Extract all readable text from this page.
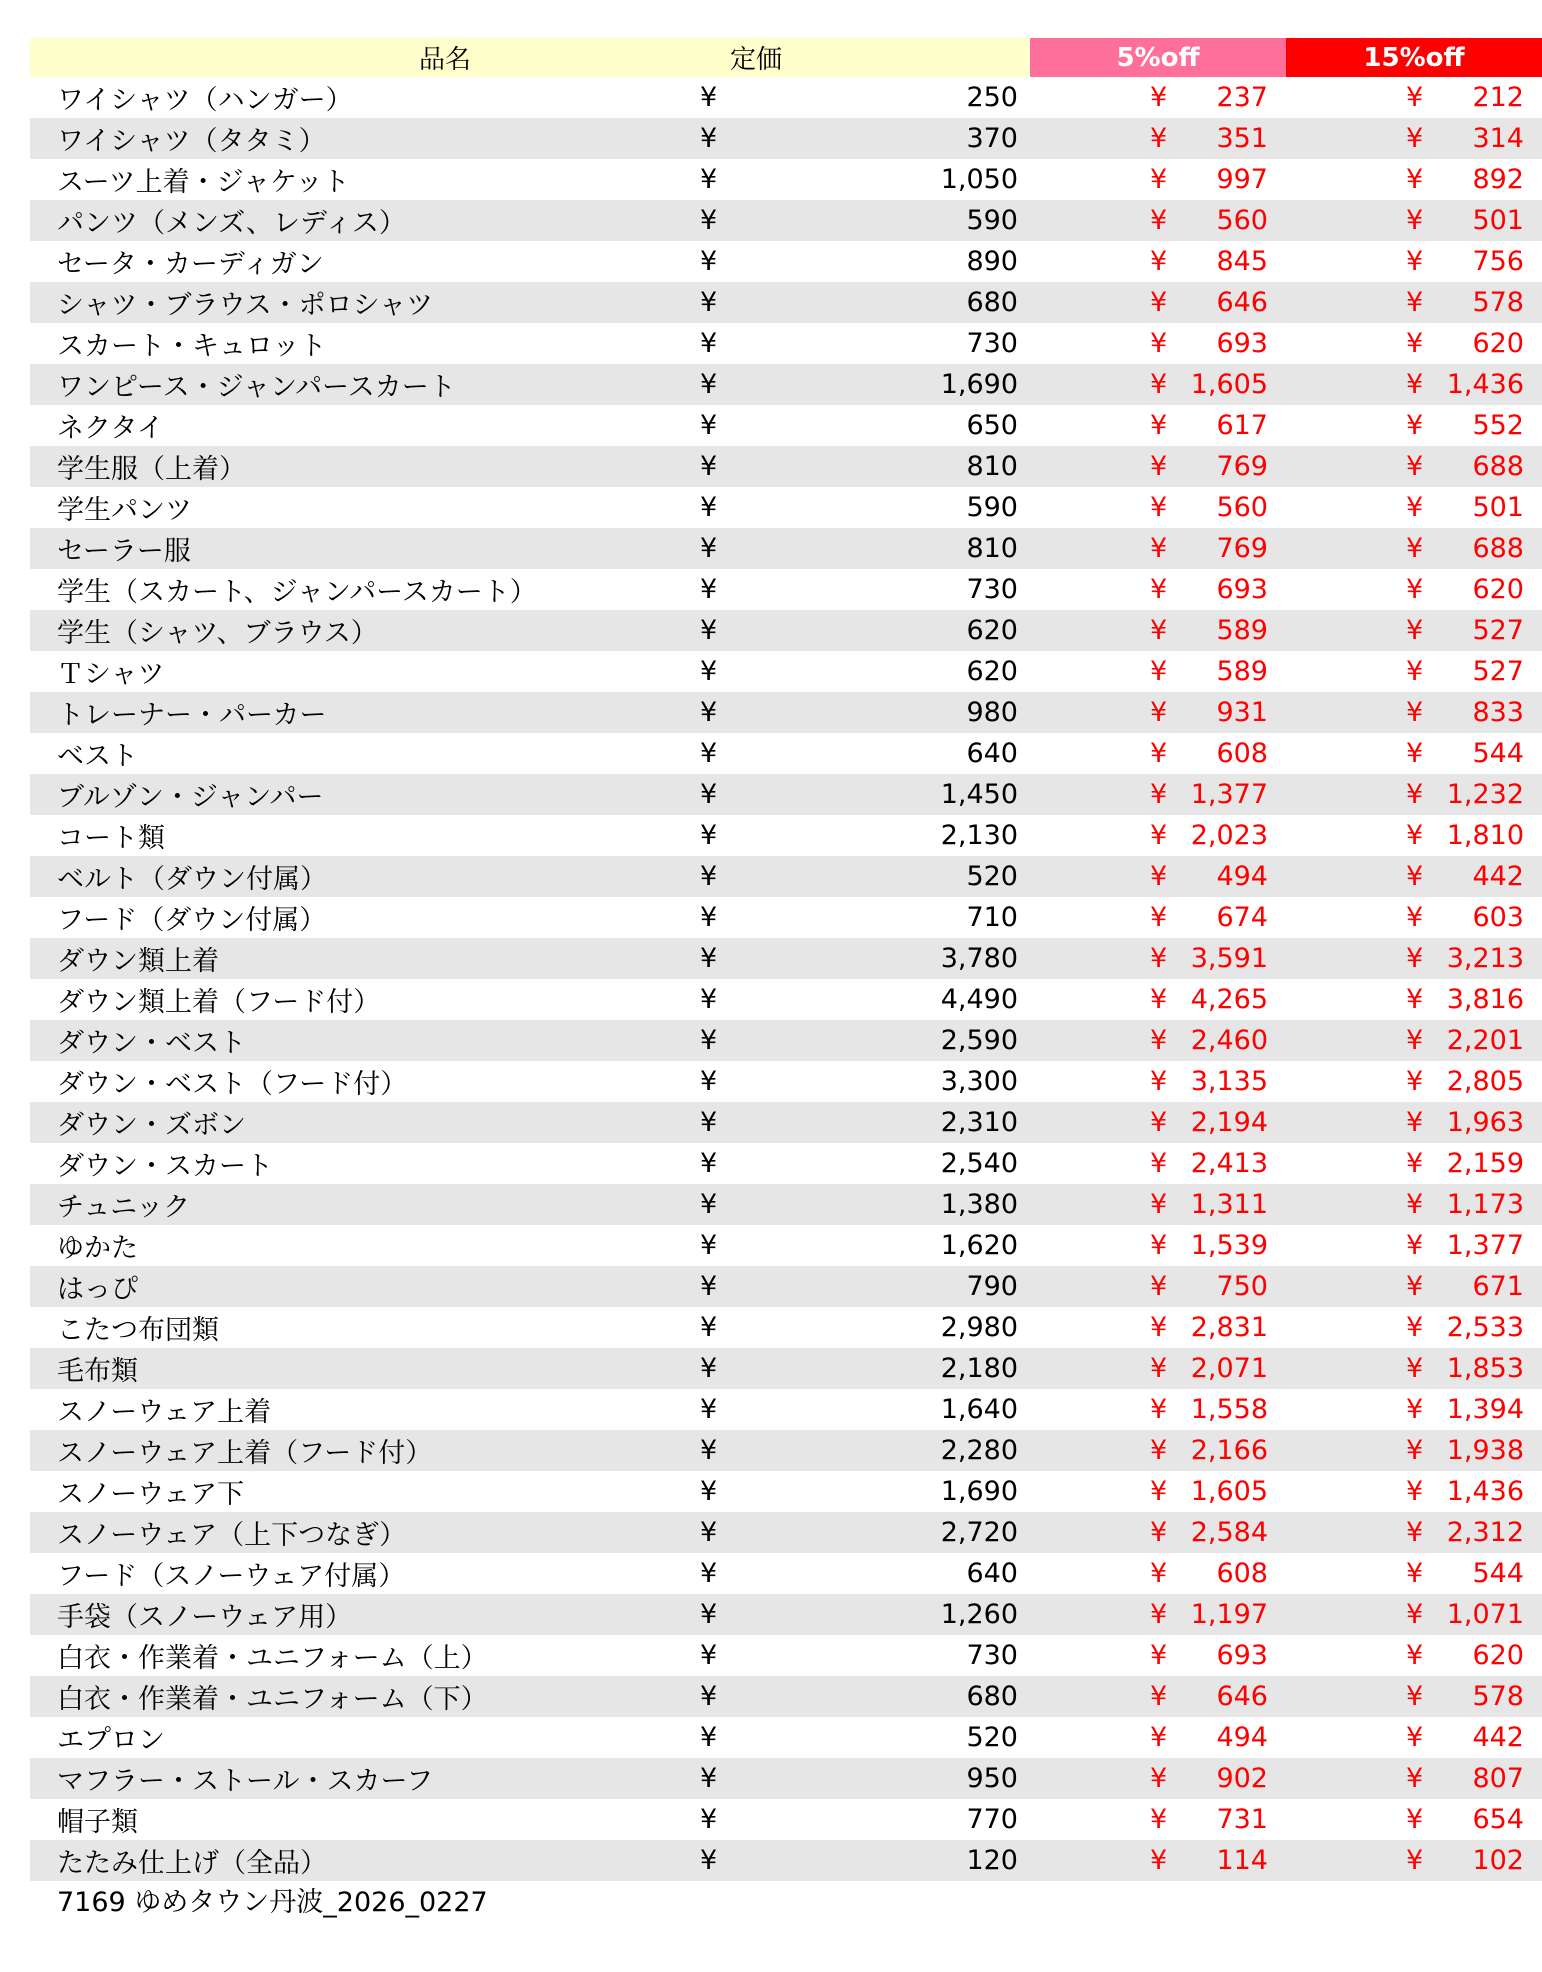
品名	定価	5%off	15%off
ワイシャツ（ハンガー）	¥ 250	¥ 237	¥ 212

ワイシャツ（タタミ）	¥ 370	¥ 351	¥ 314

スーツ上着・ジャケット	¥ 1,050	¥ 997	¥ 892

パンツ（メンズ、レディス）	¥ 590	¥ 560	¥ 501

セータ・カーディガン	¥ 890	¥ 845	¥ 756

シャツ・ブラウス・ポロシャツ	¥ 680	¥ 646	¥ 578

スカート・キュロット	¥ 730	¥ 693	¥ 620

ワンピース・ジャンパースカート	¥ 1,690	¥ 1,605	¥ 1,436

ネクタイ	¥ 650	¥ 617	¥ 552

学生服（上着）	¥ 810	¥ 769	¥ 688

学生パンツ	¥ 590	¥ 560	¥ 501

セーラー服	¥ 810	¥ 769	¥ 688

学生（スカート、ジャンパースカート）	¥ 730	¥ 693	¥ 620

学生（シャツ、ブラウス）	¥ 620	¥ 589	¥ 527

Ｔシャツ	¥ 620	¥ 589	¥ 527

トレーナー・パーカー	¥ 980	¥ 931	¥ 833

ベスト	¥ 640	¥ 608	¥ 544

ブルゾン・ジャンパー	¥ 1,450	¥ 1,377	¥ 1,232

コート類	¥ 2,130	¥ 2,023	¥ 1,810

ベルト（ダウン付属）	¥ 520	¥ 494	¥ 442

フード（ダウン付属）	¥ 710	¥ 674	¥ 603

ダウン類上着	¥ 3,780	¥ 3,591	¥ 3,213

ダウン類上着（フード付）	¥ 4,490	¥ 4,265	¥ 3,816

ダウン・ベスト	¥ 2,590	¥ 2,460	¥ 2,201

ダウン・ベスト（フード付）	¥ 3,300	¥ 3,135	¥ 2,805

ダウン・ズボン	¥ 2,310	¥ 2,194	¥ 1,963

ダウン・スカート	¥ 2,540	¥ 2,413	¥ 2,159

チュニック	¥ 1,380	¥ 1,311	¥ 1,173

ゆかた	¥ 1,620	¥ 1,539	¥ 1,377

はっぴ	¥ 790	¥ 750	¥ 671

こたつ布団類	¥ 2,980	¥ 2,831	¥ 2,533

毛布類	¥ 2,180	¥ 2,071	¥ 1,853

スノーウェア上着	¥ 1,640	¥ 1,558	¥ 1,394

スノーウェア上着（フード付）	¥ 2,280	¥ 2,166	¥ 1,938

スノーウェア下	¥ 1,690	¥ 1,605	¥ 1,436

スノーウェア（上下つなぎ）	¥ 2,720	¥ 2,584	¥ 2,312

フード（スノーウェア付属）	¥ 640	¥ 608	¥ 544

手袋（スノーウェア用）	¥ 1,260	¥ 1,197	¥ 1,071

白衣・作業着・ユニフォーム（上）	¥ 730	¥ 693	¥ 620

白衣・作業着・ユニフォーム（下）	¥ 680	¥ 646	¥ 578

エプロン	¥ 520	¥ 494	¥ 442

マフラー・ストール・スカーフ	¥ 950	¥ 902	¥ 807

帽子類	¥ 770	¥ 731	¥ 654

たたみ仕上げ（全品）	¥ 120	¥ 114	¥ 102
7169 ゆめタウン丹波_2026_0227
